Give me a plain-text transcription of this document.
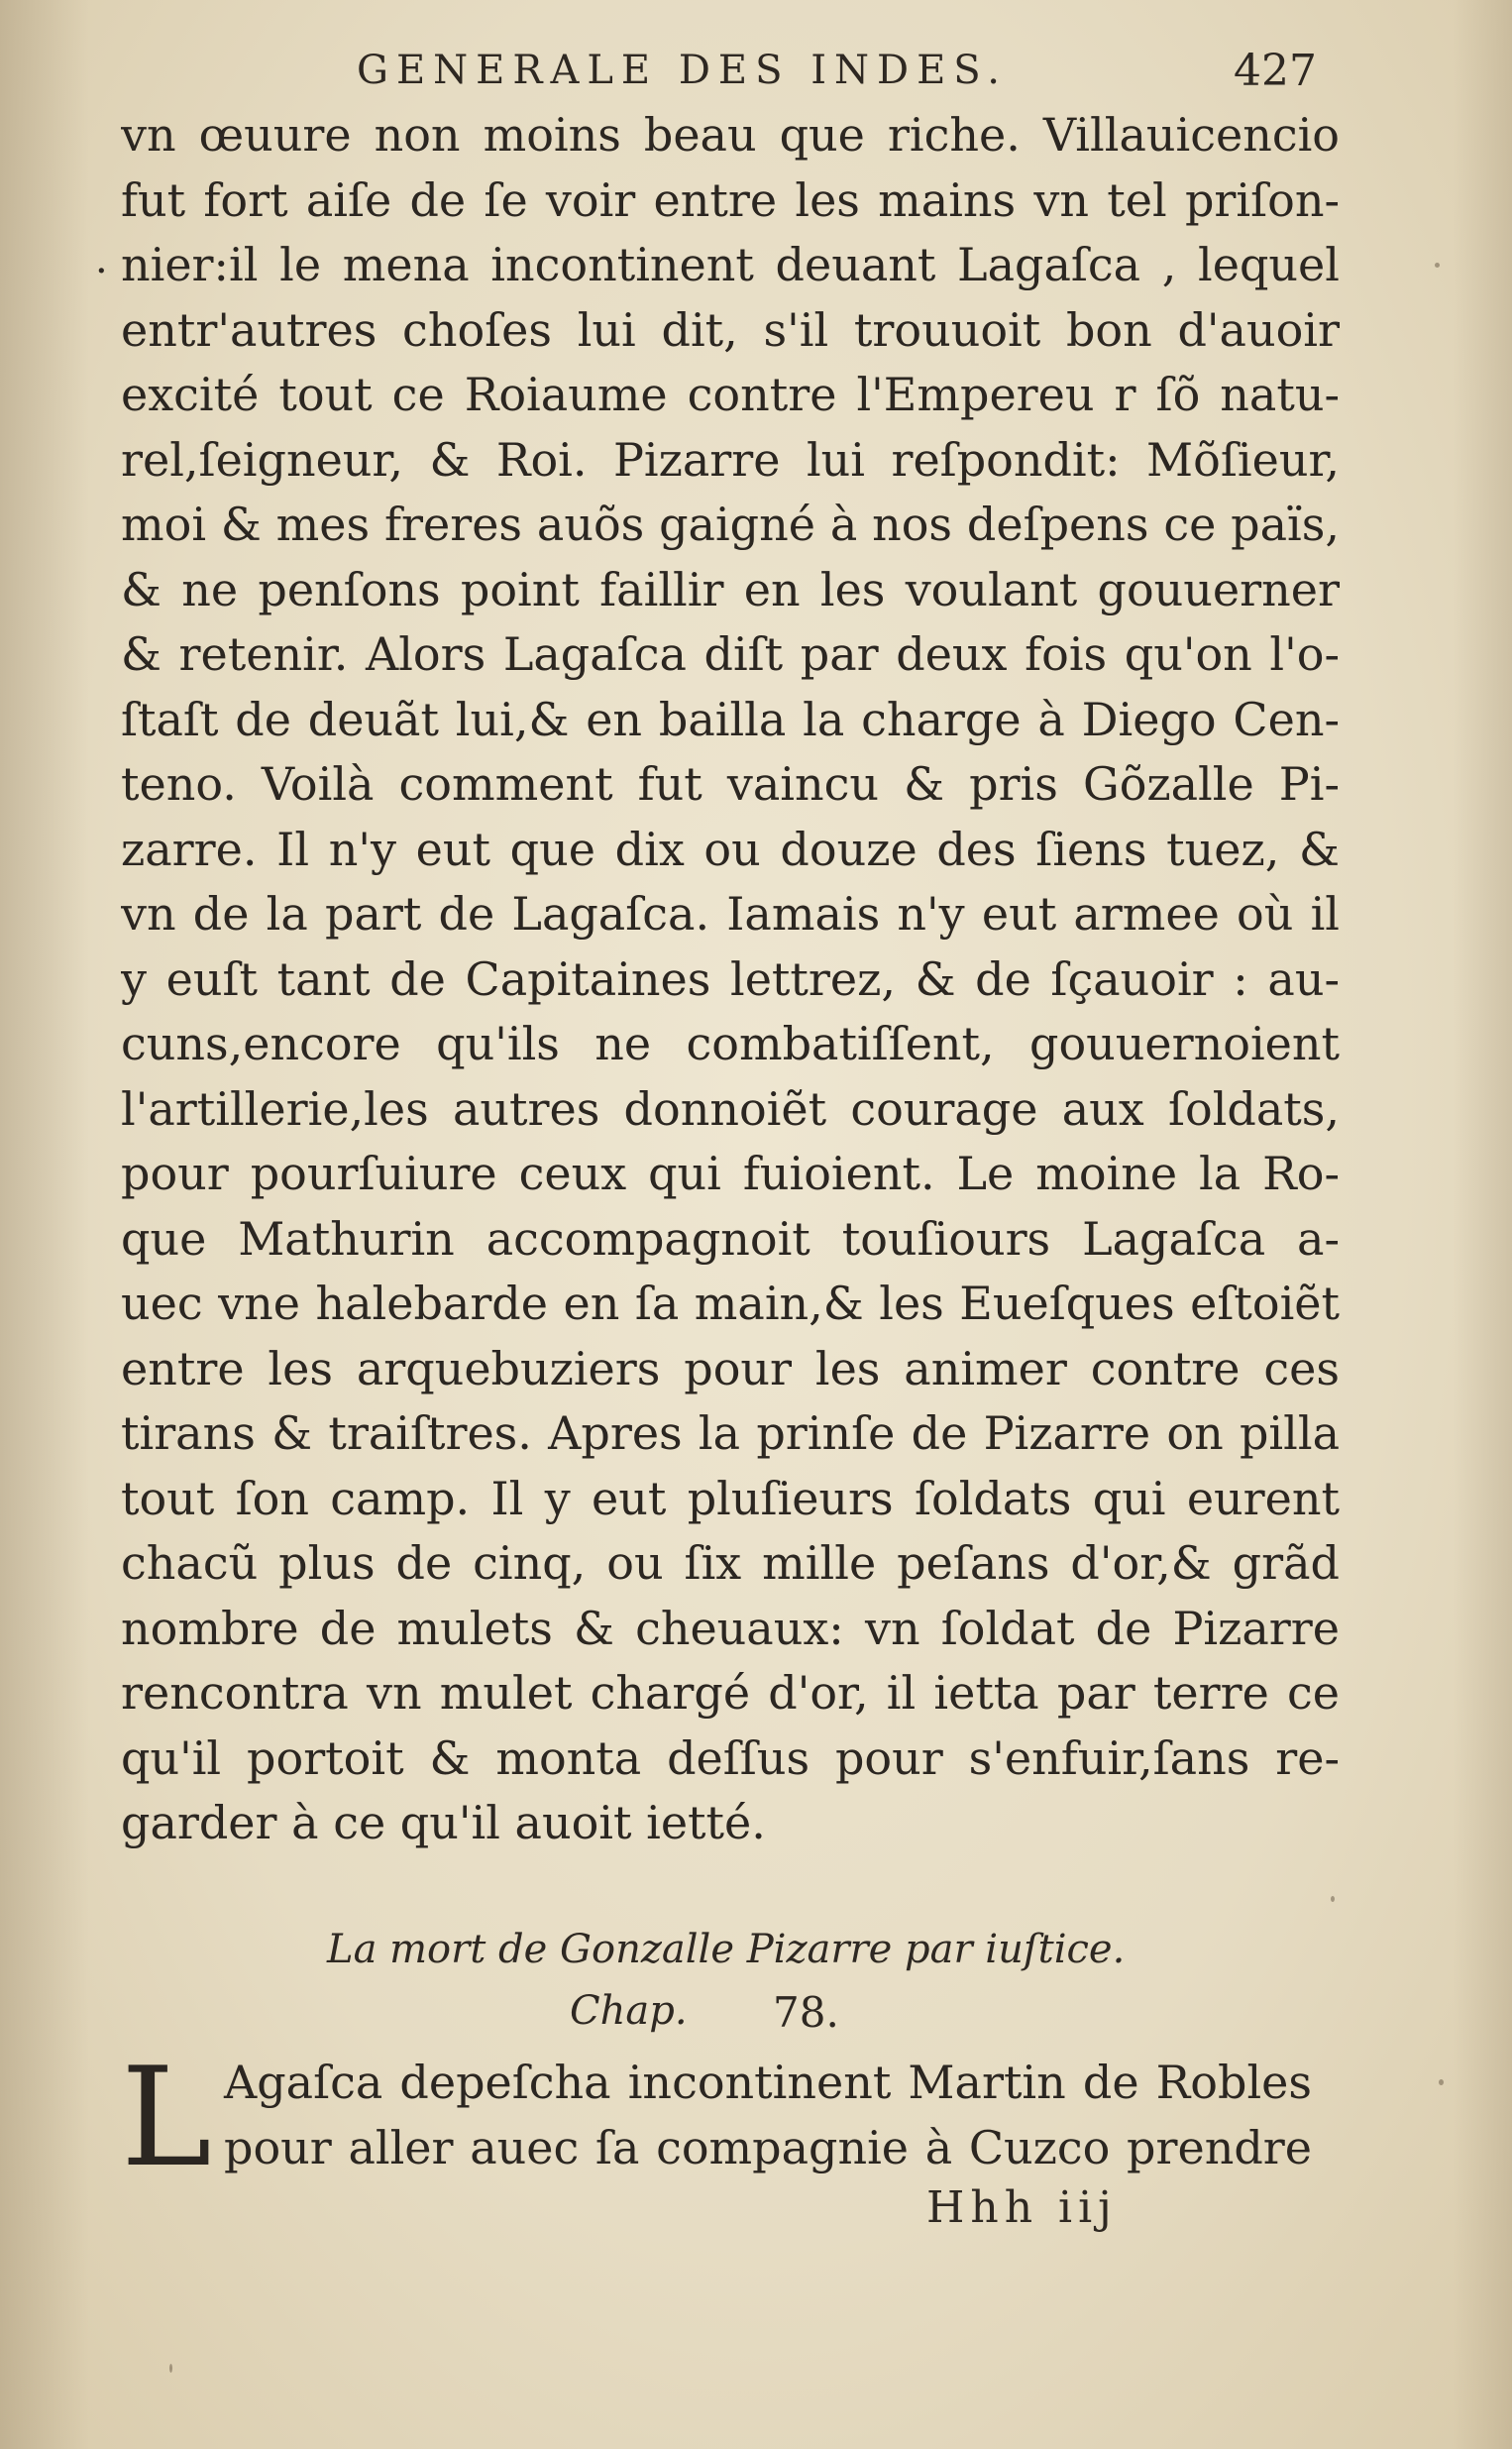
GENERALE DES INDES.	427
·
vn œuure non moins beau que riche. Villauicencio
fut fort aiſe de ſe voir entre les mains vn tel priſon-
nier:il le mena incontinent deuant Lagaſca , lequel
entr'autres choſes lui dit, s'il trouuoit bon d'auoir
excité tout ce Roiaume contre l'Empereu r ſõ natu-
rel,ſeigneur, & Roi. Pizarre lui reſpondit: Mõſieur,
moi & mes freres auõs gaigné à nos deſpens ce païs,
& ne penſons point faillir en les voulant gouuerner
& retenir. Alors Lagaſca diſt par deux fois qu'on l'o-
ſtaſt de deuãt lui,& en bailla la charge à Diego Cen-
teno. Voilà comment fut vaincu & pris Gõzalle Pi-
zarre. Il n'y eut que dix ou douze des ſiens tuez, &
vn de la part de Lagaſca. Iamais n'y eut armee où il
y euſt tant de Capitaines lettrez, & de ſçauoir : au-
cuns,encore qu'ils ne combatiſſent, gouuernoient
l'artillerie,les autres donnoiẽt courage aux ſoldats,
pour pourſuiure ceux qui fuioient. Le moine la Ro-
que Mathurin accompagnoit touſiours Lagaſca a-
uec vne halebarde en ſa main,& les Eueſques eſtoiẽt
entre les arquebuziers pour les animer contre ces
tirans & traiſtres. Apres la prinſe de Pizarre on pilla
tout ſon camp. Il y eut pluſieurs ſoldats qui eurent
chacũ plus de cinq, ou ſix mille peſans d'or,& grãd
nombre de mulets & cheuaux: vn ſoldat de Pizarre
rencontra vn mulet chargé d'or, il ietta par terre ce
qu'il portoit & monta deſſus pour s'enfuir,ſans re-
garder à ce qu'il auoit ietté.
La mort de Gonzalle Pizarre par iuſtice.
Chap. 78.
L Agaſca depeſcha incontinent Martin de Robles
pour aller auec ſa compagnie à Cuzco prendre
Hhh iij
